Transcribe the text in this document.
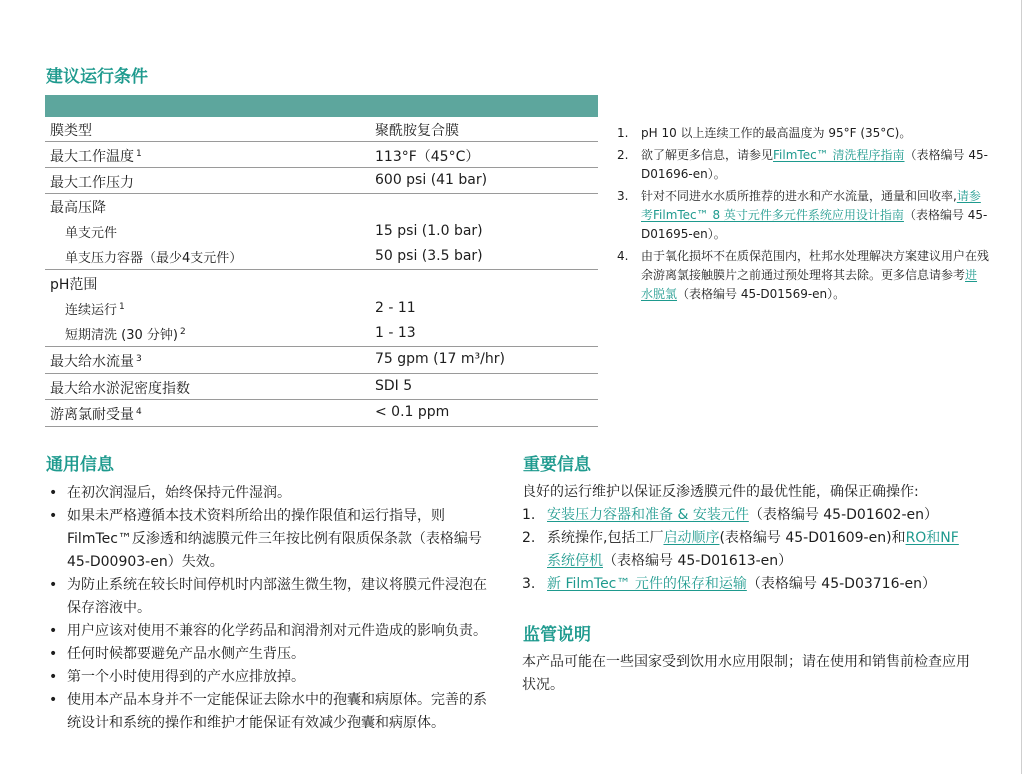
建议运行条件
膜类型	聚酰胺复合膜
最大工作温度 $^1$	113°F（45°C）
最大工作压力	600 psi (41 bar)
最高压降
单支元件	15 psi (1.0 bar)
单支压力容器（最少4支元件）	50 psi (3.5 bar)
pH范围
连续运行 $^1$	2 - 11
短期清洗 (30 分钟) $^2$	1 - 13
最大给水流量 $^3$	75 gpm (17 m³/hr)
最大给水淤泥密度指数	SDI 5
游离氯耐受量 $^4$	< 0.1 ppm
1. pH 10 以上连续工作的最高温度为 95°F (35°C)。
2. 欲了解更多信息，请参见FilmTec™ 清洗程序指南（表格编号 45-D01696-en）。
3. 针对不同进水水质所推荐的进水和产水流量，通量和回收率,请参考FilmTec™ 8 英寸元件多元件系统应用设计指南（表格编号 45-D01695-en）。
4. 由于氧化损坏不在质保范围内，杜邦水处理解决方案建议用户在残余游离氯接触膜片之前通过预处理将其去除。更多信息请参考进水脱氯（表格编号 45-D01569-en）。
通用信息
• 在初次润湿后，始终保持元件湿润。
• 如果未严格遵循本技术资料所给出的操作限值和运行指导，则 FilmTec™反渗透和纳滤膜元件三年按比例有限质保条款（表格编号45-D00903-en）失效。
• 为防止系统在较长时间停机时内部滋生微生物，建议将膜元件浸泡在保存溶液中。
• 用户应该对使用不兼容的化学药品和润滑剂对元件造成的影响负责。
• 任何时候都要避免产品水侧产生背压。
• 第一个小时使用得到的产水应排放掉。
• 使用本产品本身并不一定能保证去除水中的孢囊和病原体。完善的系统设计和系统的操作和维护才能保证有效减少孢囊和病原体。
重要信息
良好的运行维护以保证反渗透膜元件的最优性能，确保正确操作:
1. 安装压力容器和准备 & 安装元件（表格编号 45-D01602-en）
2. 系统操作,包括工厂启动顺序(表格编号 45-D01609-en)和RO和NF系统停机（表格编号 45-D01613-en）
3. 新 FilmTec™ 元件的保存和运输（表格编号 45-D03716-en）
监管说明
本产品可能在一些国家受到饮用水应用限制；请在使用和销售前检查应用状况。
